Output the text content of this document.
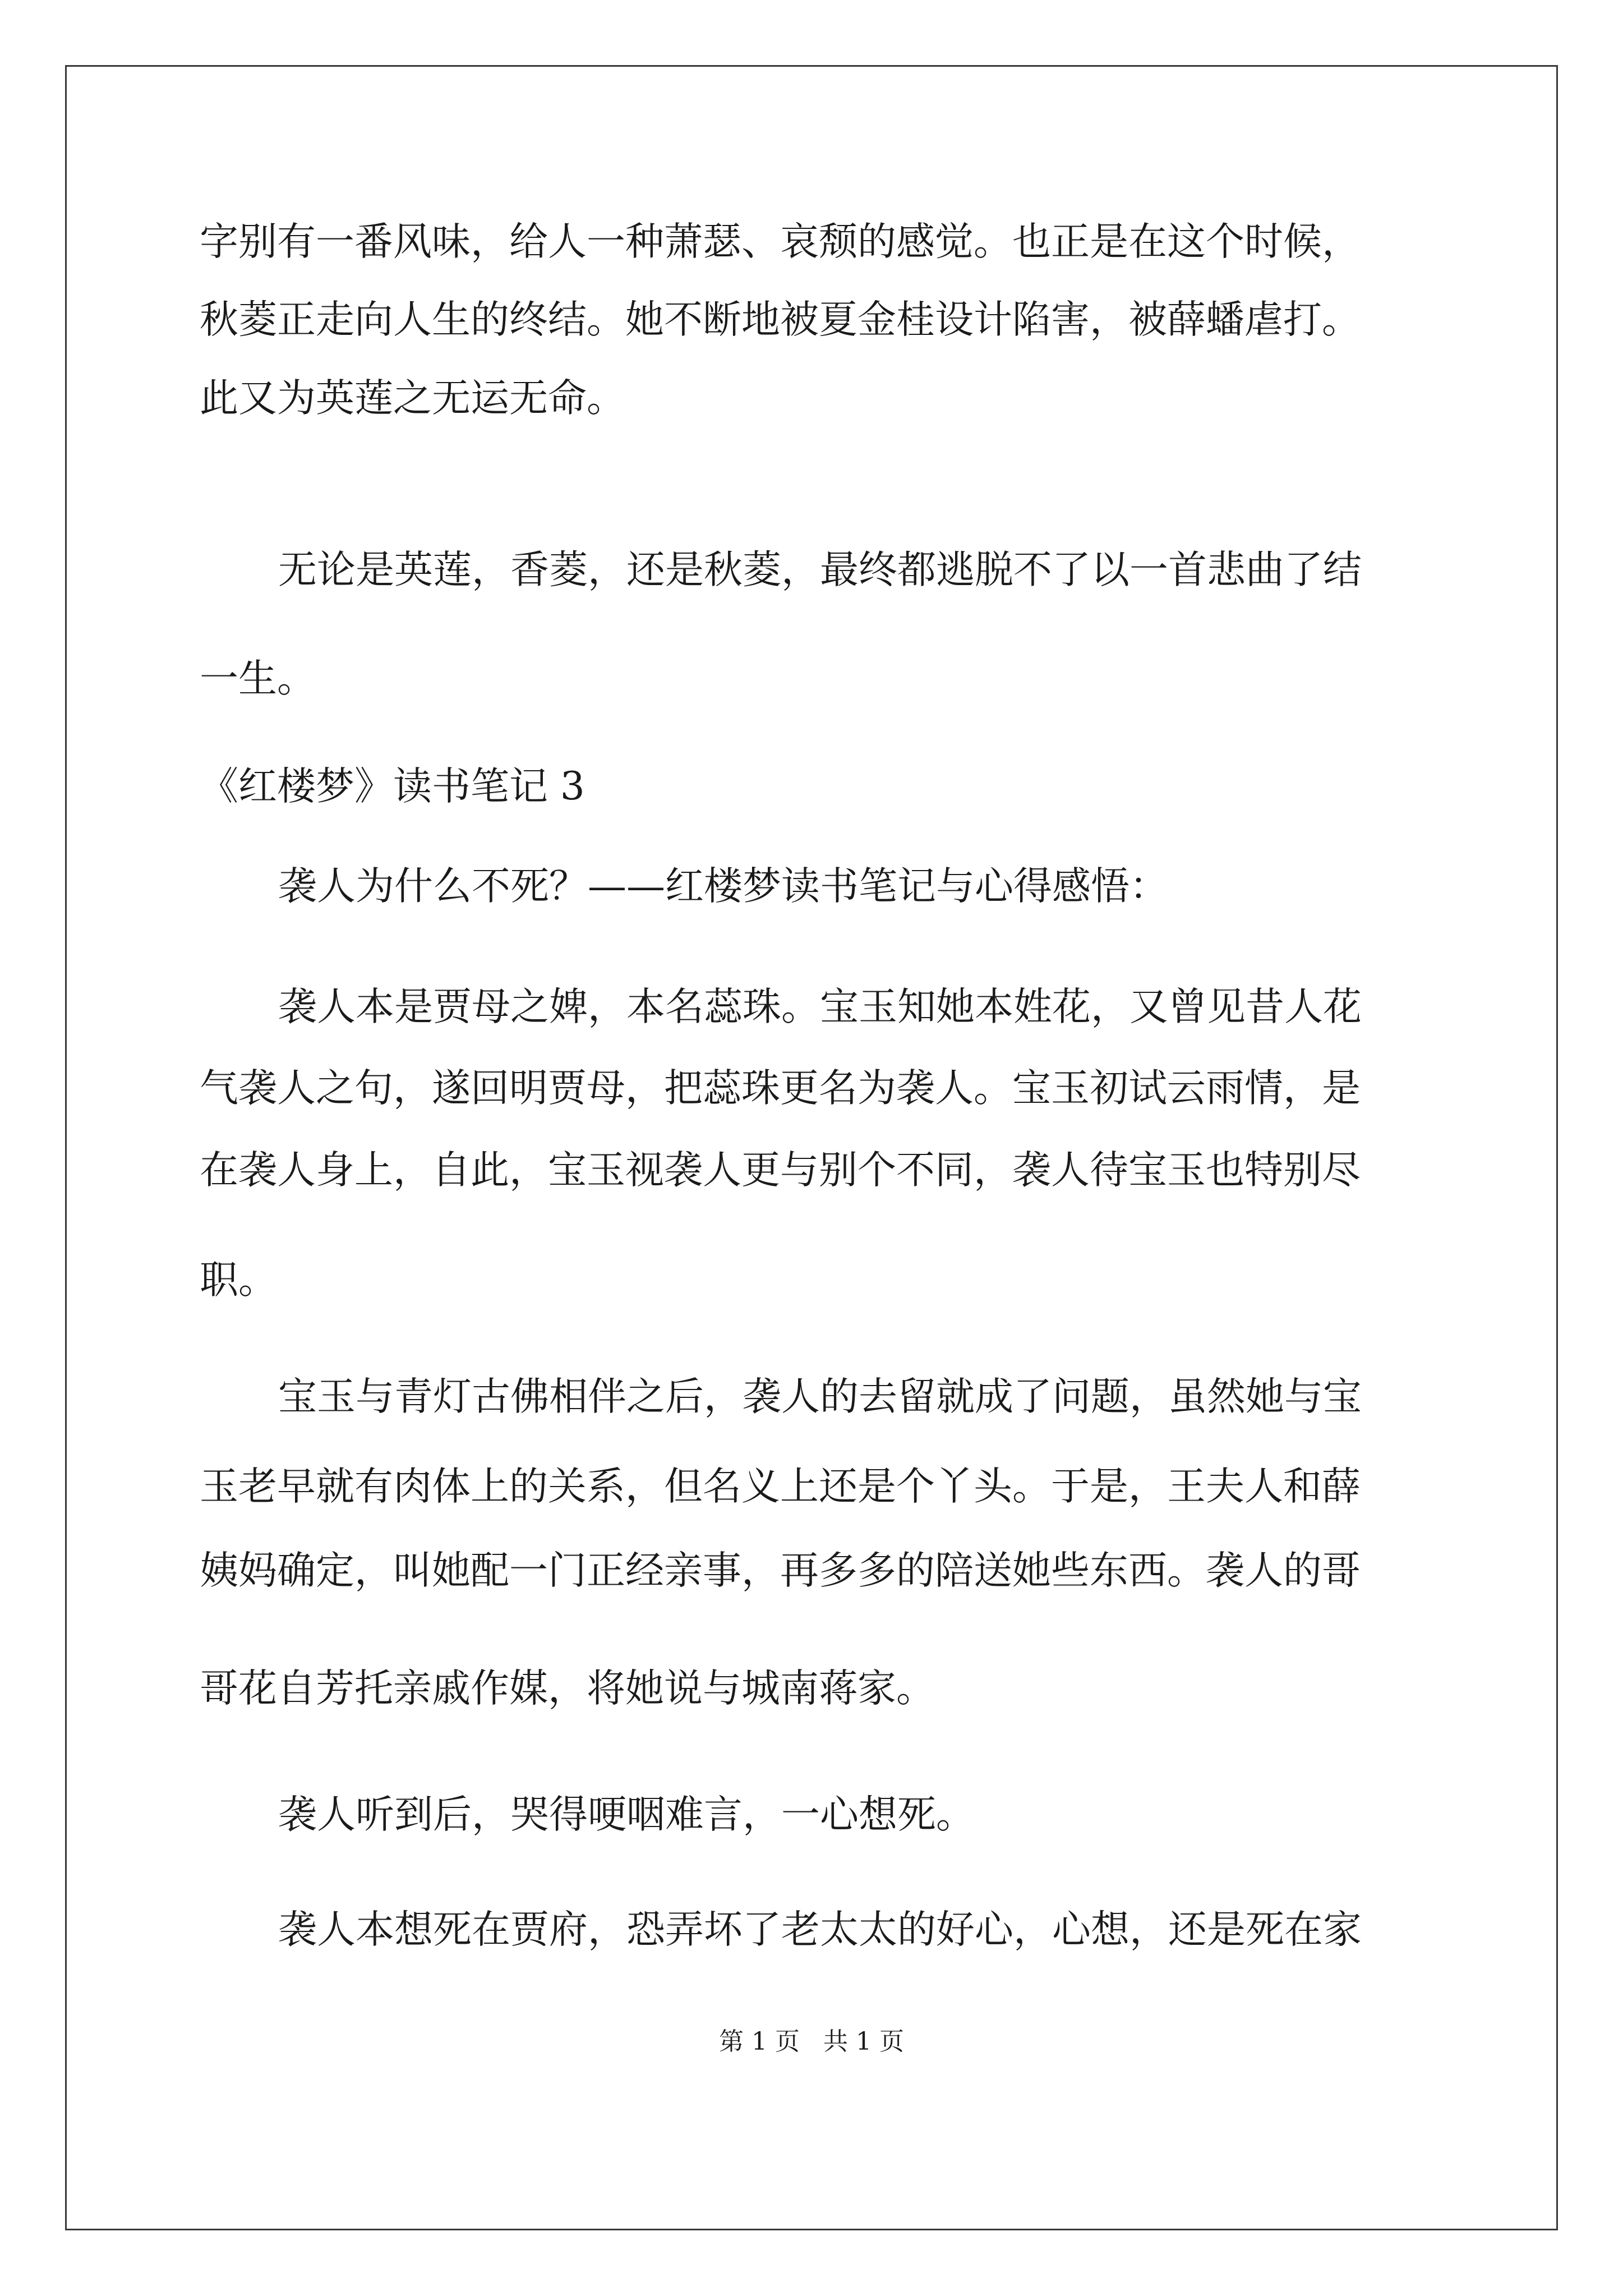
字别有一番风味，给人一种萧瑟、哀颓的感觉。也正是在这个时候，
秋菱正走向人生的终结。她不断地被夏金桂设计陷害，被薛蟠虐打。
此又为英莲之无运无命。
无论是英莲，香菱，还是秋菱，最终都逃脱不了以一首悲曲了结
一生。
《红楼梦》读书笔记 3
袭人为什么不死？——红楼梦读书笔记与心得感悟：
袭人本是贾母之婢，本名蕊珠。宝玉知她本姓花，又曾见昔人花
气袭人之句，遂回明贾母，把蕊珠更名为袭人。宝玉初试云雨情，是
在袭人身上，自此，宝玉视袭人更与别个不同，袭人待宝玉也特别尽
职。
宝玉与青灯古佛相伴之后，袭人的去留就成了问题，虽然她与宝
玉老早就有肉体上的关系，但名义上还是个丫头。于是，王夫人和薛
姨妈确定，叫她配一门正经亲事，再多多的陪送她些东西。袭人的哥
哥花自芳托亲戚作媒，将她说与城南蒋家。
袭人听到后，哭得哽咽难言，一心想死。
袭人本想死在贾府，恐弄坏了老太太的好心，心想，还是死在家
第 1 页   共 1 页
